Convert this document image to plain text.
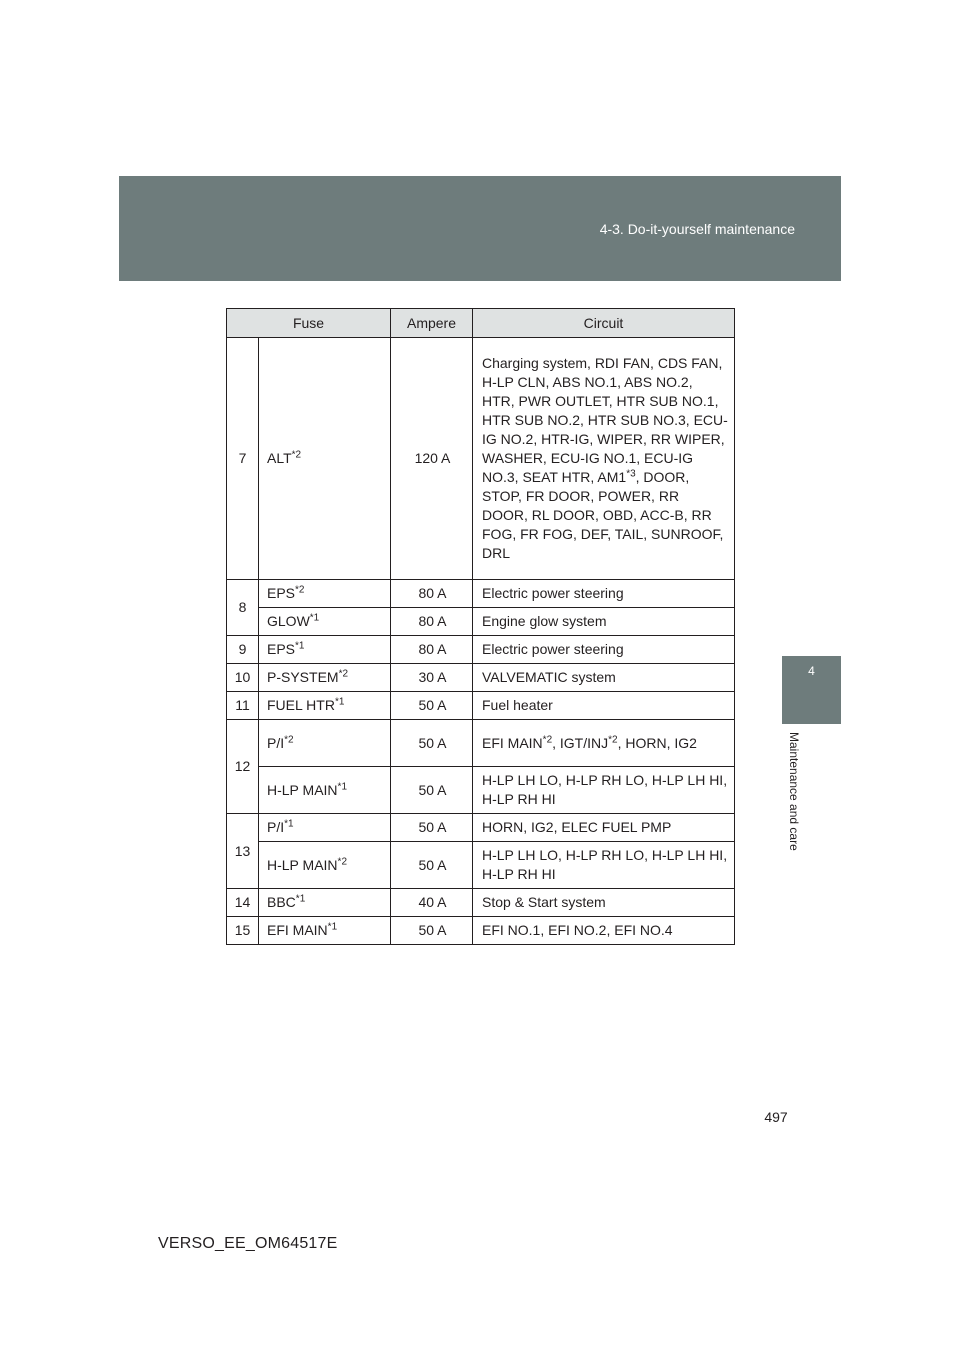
4-3. Do-it-yourself maintenance
4
Maintenance and care
Fuse		Ampere	Circuit
7	ALT$^{*2}$	120 A	Charging system, RDI FAN, CDS FAN, H-LP CLN, ABS NO.1, ABS NO.2, HTR, PWR OUTLET, HTR SUB NO.1, HTR SUB NO.2, HTR SUB NO.3, ECU-IG NO.2, HTR-IG, WIPER, RR WIPER, WASHER, ECU-IG NO.1, ECU-IG NO.3, SEAT HTR, AM1$^{*3}$, DOOR, STOP, FR DOOR, POWER, RR DOOR, RL DOOR, OBD, ACC-B, RR FOG, FR FOG, DEF, TAIL, SUNROOF, DRL
8	EPS$^{*2}$	80 A	Electric power steering
	GLOW$^{*1}$	80 A	Engine glow system
9	EPS$^{*1}$	80 A	Electric power steering
10	P-SYSTEM$^{*2}$	30 A	VALVEMATIC system
11	FUEL HTR$^{*1}$	50 A	Fuel heater
12	$P/I^{*2}$	50 A	EFI MAIN$^{*2}$, IGT/INJ$^{*2}$, HORN, IG2
	H-LP MAIN$^{*1}$	50 A	H-LP LH LO, H-LP RH LO, H-LP LH HI, H-LP RH HI
13	$P/I^{*1}$	50 A	HORN, IG2, ELEC FUEL PMP
	H-LP MAIN$^{*2}$	50 A	H-LP LH LO, H-LP RH LO, H-LP LH HI, H-LP RH HI
14	BBC$^{*1}$	40 A	Stop & Start system
15	EFI MAIN$^{*1}$	50 A	EFI NO.1, EFI NO.2, EFI NO.4
497
VERSO_EE_OM64517E
